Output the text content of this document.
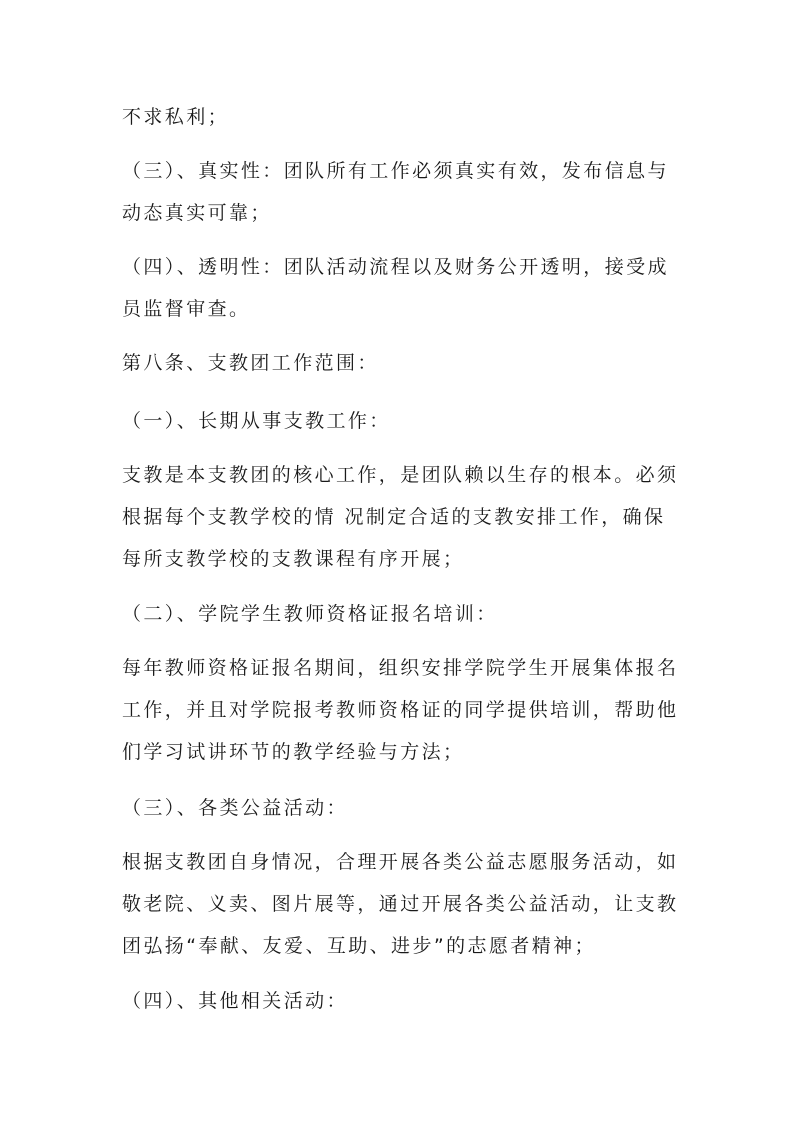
不求私利；
（三）、真实性：团队所有工作必须真实有效，发布信息与
动态真实可靠；
（四）、透明性：团队活动流程以及财务公开透明，接受成
员监督审查。
第八条、支教团工作范围：
（一）、长期从事支教工作：
支教是本支教团的核心工作，是团队赖以生存的根本。必须
根据每个支教学校的情 况制定合适的支教安排工作，确保
每所支教学校的支教课程有序开展；
（二）、学院学生教师资格证报名培训：
每年教师资格证报名期间，组织安排学院学生开展集体报名
工作，并且对学院报考教师资格证的同学提供培训，帮助他
们学习试讲环节的教学经验与方法；
（三）、各类公益活动：
根据支教团自身情况，合理开展各类公益志愿服务活动，如
敬老院、义卖、图片展等，通过开展各类公益活动，让支教
团弘扬“奉献、友爱、互助、进步”的志愿者精神；
（四）、其他相关活动：
